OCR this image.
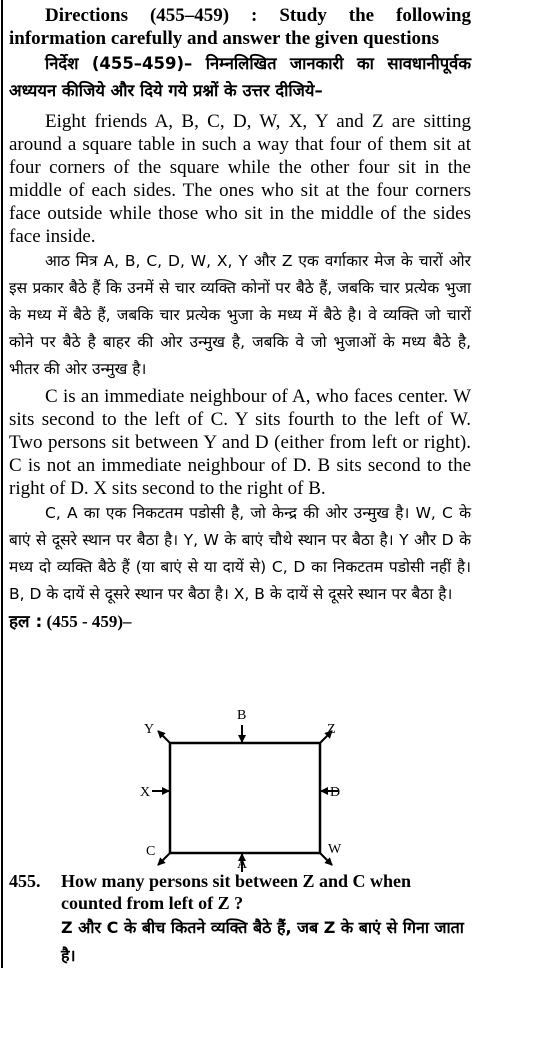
Directions (455–459) : Study the following

information carefully and answer the given questions

निर्देश (455–459)– निम्नलिखित जानकारी का सावधानीपूर्वक अध्ययन कीजिये और दिये गये प्रश्नों के उत्तर दीजिये–

Eight friends A, B, C, D, W, X, Y and Z are sitting around a square table in such a way that four of them sit at four corners of the square while the other four sit in the middle of each sides. The ones who sit at the four corners face outside while those who sit in the middle of the sides face inside.

आठ मित्र A, B, C, D, W, X, Y और Z एक वर्गाकार मेज के चारों ओर इस प्रकार बैठे हैं कि उनमें से चार व्यक्ति कोनों पर बैठे हैं, जबकि चार प्रत्येक भुजा के मध्य में बैठे हैं, जबकि चार प्रत्येक भुजा के मध्य में बैठे है। वे व्यक्ति जो चारों कोने पर बैठे है बाहर की ओर उन्मुख है, जबकि वे जो भुजाओं के मध्य बैठे है, भीतर की ओर उन्मुख है।

C is an immediate neighbour of A, who faces center. W sits second to the left of C. Y sits fourth to the left of W. Two persons sit between Y and D (either from left or right). C is not an immediate neighbour of D. B sits second to the right of D. X sits second to the right of B.

C, A का एक निकटतम पडोसी है, जो केन्द्र की ओर उन्मुख है। W, C के बाएं से दूसरे स्थान पर बैठा है। Y, W के बाएं चौथे स्थान पर बैठा है। Y और D के मध्य दो व्यक्ति बैठे हैं (या बाएं से या दायें से) C, D का निकटतम पडोसी नहीं है। B, D के दायें से दूसरे स्थान पर बैठा है। X, B के दायें से दूसरे स्थान पर बैठा है।

हल : (455 - 459)–

B
Y	Z
X	D
C
A
W
455.	How many persons sit between Z and C when counted from left of Z ?
Z और C के बीच कितने व्यक्ति बैठे हैं, जब Z के बाएं से गिना जाता है।
